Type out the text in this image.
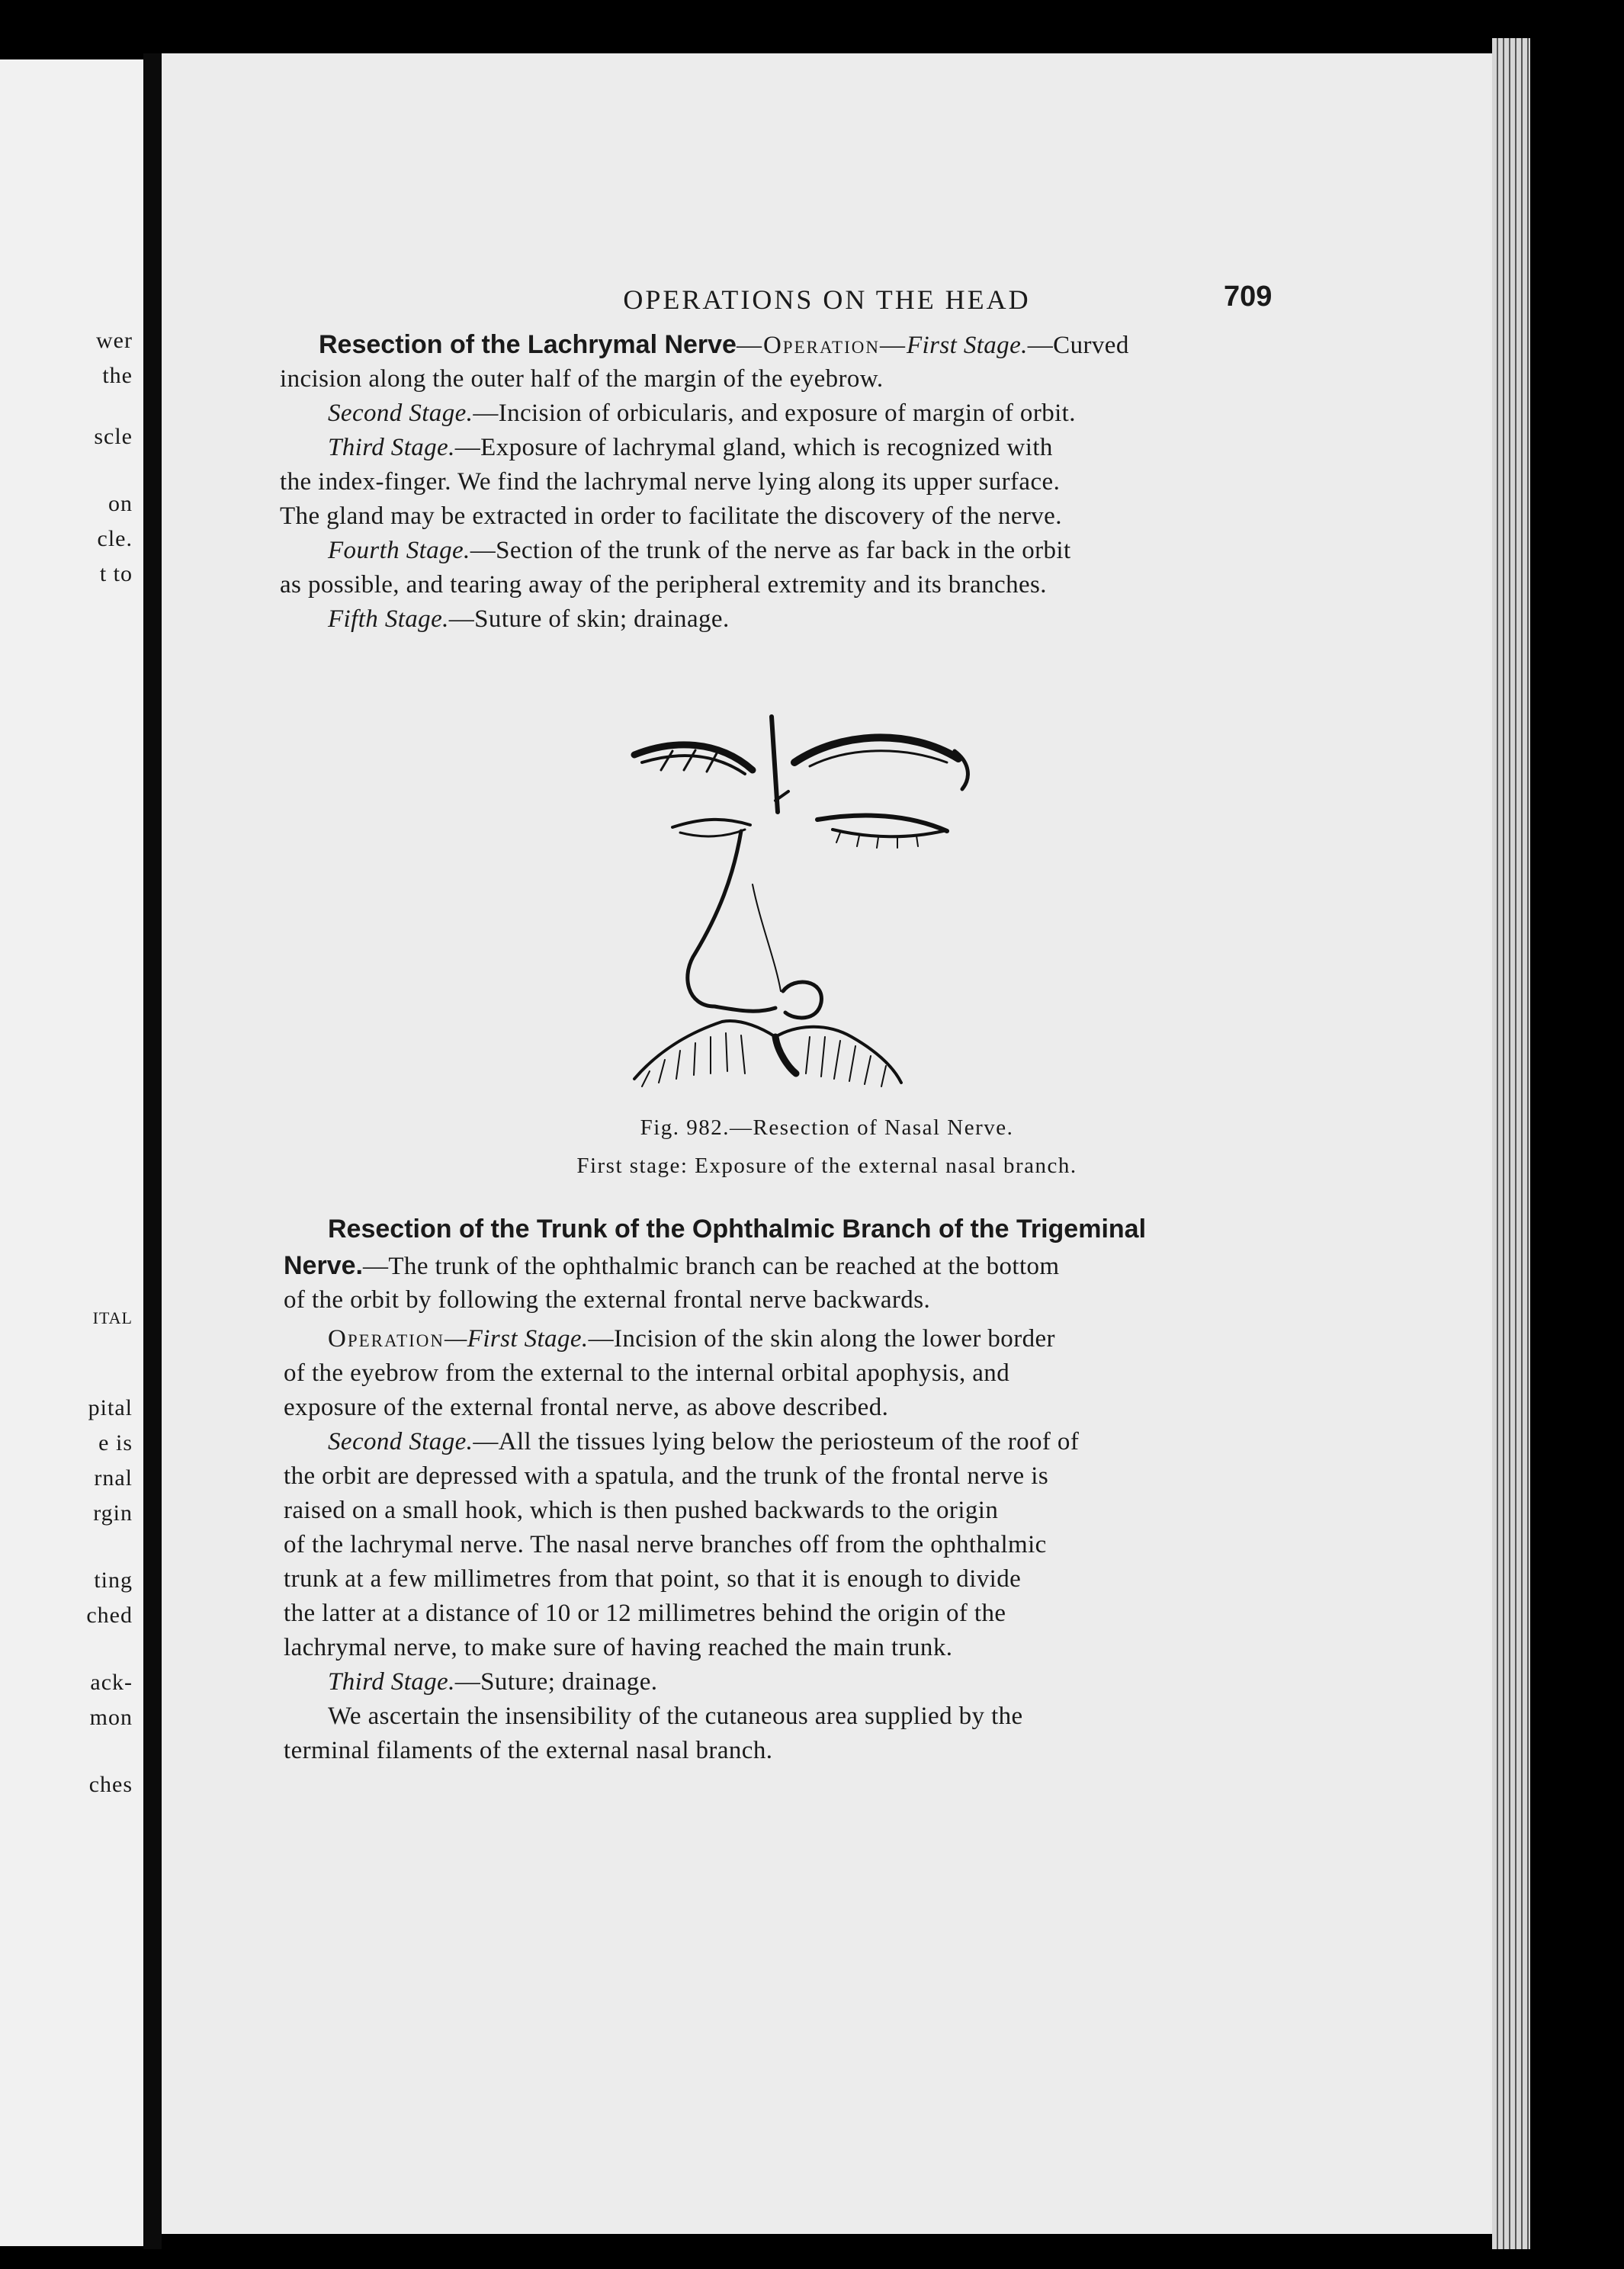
wer
the
scle
on
cle.
t to
ITAL
pital
e is
rnal
rgin
ting
ched
ack-
mon
ches
OPERATIONS ON THE HEAD	709
Resection of the Lachrymal Nerve—Operation—First Stage.—Curved
incision along the outer half of the margin of the eyebrow.
Second Stage.—Incision of orbicularis, and exposure of margin of orbit.
Third Stage.—Exposure of lachrymal gland, which is recognized with
the index-finger. We find the lachrymal nerve lying along its upper surface.
The gland may be extracted in order to facilitate the discovery of the nerve.
Fourth Stage.—Section of the trunk of the nerve as far back in the orbit
as possible, and tearing away of the peripheral extremity and its branches.
Fifth Stage.—Suture of skin; drainage.
Fig. 982.—Resection of Nasal Nerve.
First stage: Exposure of the external nasal branch.
Resection of the Trunk of the Ophthalmic Branch of the Trigeminal
Nerve.—The trunk of the ophthalmic branch can be reached at the bottom
of the orbit by following the external frontal nerve backwards.
Operation—First Stage.—Incision of the skin along the lower border
of the eyebrow from the external to the internal orbital apophysis, and
exposure of the external frontal nerve, as above described.
Second Stage.—All the tissues lying below the periosteum of the roof of
the orbit are depressed with a spatula, and the trunk of the frontal nerve is
raised on a small hook, which is then pushed backwards to the origin
of the lachrymal nerve. The nasal nerve branches off from the ophthalmic
trunk at a few millimetres from that point, so that it is enough to divide
the latter at a distance of 10 or 12 millimetres behind the origin of the
lachrymal nerve, to make sure of having reached the main trunk.
Third Stage.—Suture; drainage.
We ascertain the insensibility of the cutaneous area supplied by the
terminal filaments of the external nasal branch.
